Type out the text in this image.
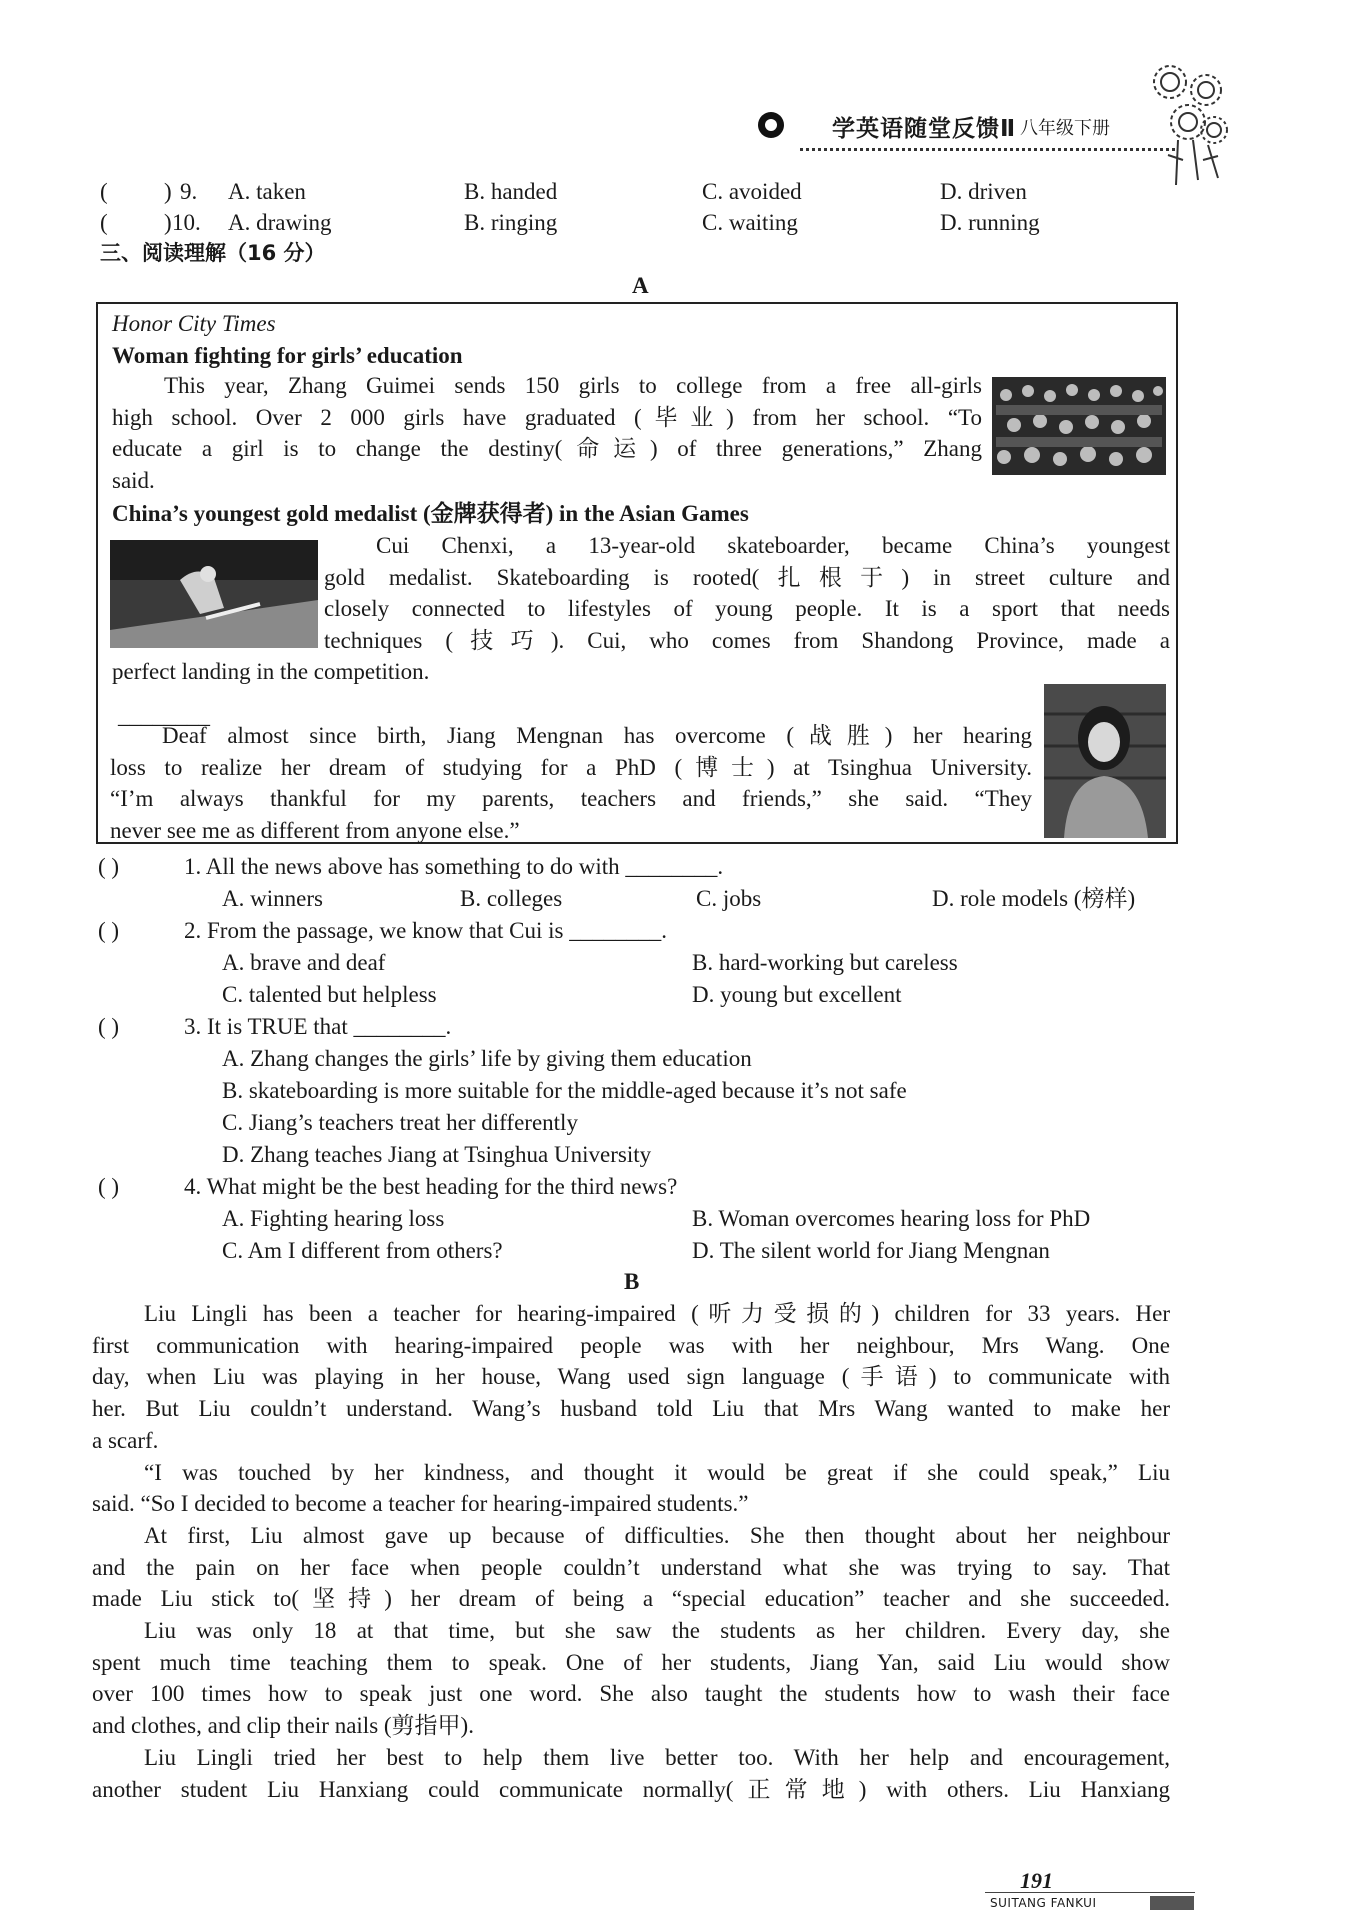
学英语随堂反馈Ⅱ 八年级下册
( ) 9. A. taken	B. handed	C. avoided	D. driven
( ) 10. A. drawing	B. ringing	C. waiting	D. running
三、阅读理解（16 分）
A
Honor City Times
Woman fighting for girls’ education
This year, Zhang Guimei sends 150 girls to college from a free all-girls
high school. Over 2 000 girls have graduated (毕业) from her school. “To
educate a girl is to change the destiny(命运) of three generations,” Zhang
said.
China’s youngest gold medalist (金牌获得者) in the Asian Games
Cui Chenxi, a 13-year-old skateboarder, became China’s youngest
gold medalist. Skateboarding is rooted(扎根于) in street culture and
closely connected to lifestyles of young people. It is a sport that needs
techniques (技巧). Cui, who comes from Shandong Province, made a
perfect landing in the competition.
________
Deaf almost since birth, Jiang Mengnan has overcome (战胜) her hearing
loss to realize her dream of studying for a PhD (博士) at Tsinghua University.
“I’m always thankful for my parents, teachers and friends,” she said. “They
never see me as different from anyone else.”
( )	1. All the news above has something to do with ________.
A. winners	B. colleges	C. jobs	D. role models (榜样)
( )	2. From the passage, we know that Cui is ________.
A. brave and deaf	B. hard-working but careless
C. talented but helpless	D. young but excellent
( )	3. It is TRUE that ________.
A. Zhang changes the girls’ life by giving them education
B. skateboarding is more suitable for the middle-aged because it’s not safe
C. Jiang’s teachers treat her differently
D. Zhang teaches Jiang at Tsinghua University
( )	4. What might be the best heading for the third news?
A. Fighting hearing loss	B. Woman overcomes hearing loss for PhD
C. Am I different from others?	D. The silent world for Jiang Mengnan
B
Liu Lingli has been a teacher for hearing-impaired (听力受损的) children for 33 years. Her
first communication with hearing-impaired people was with her neighbour, Mrs Wang. One
day, when Liu was playing in her house, Wang used sign language (手语) to communicate with
her. But Liu couldn’t understand. Wang’s husband told Liu that Mrs Wang wanted to make her
a scarf.
“I was touched by her kindness, and thought it would be great if she could speak,” Liu
said. “So I decided to become a teacher for hearing-impaired students.”
At first, Liu almost gave up because of difficulties. She then thought about her neighbour
and the pain on her face when people couldn’t understand what she was trying to say. That
made Liu stick to(坚持) her dream of being a “special education” teacher and she succeeded.
Liu was only 18 at that time, but she saw the students as her children. Every day, she
spent much time teaching them to speak. One of her students, Jiang Yan, said Liu would show
over 100 times how to speak just one word. She also taught the students how to wash their face
and clothes, and clip their nails (剪指甲).
Liu Lingli tried her best to help them live better too. With her help and encouragement,
another student Liu Hanxiang could communicate normally(正常地) with others. Liu Hanxiang
191
SUITANG FANKUI
